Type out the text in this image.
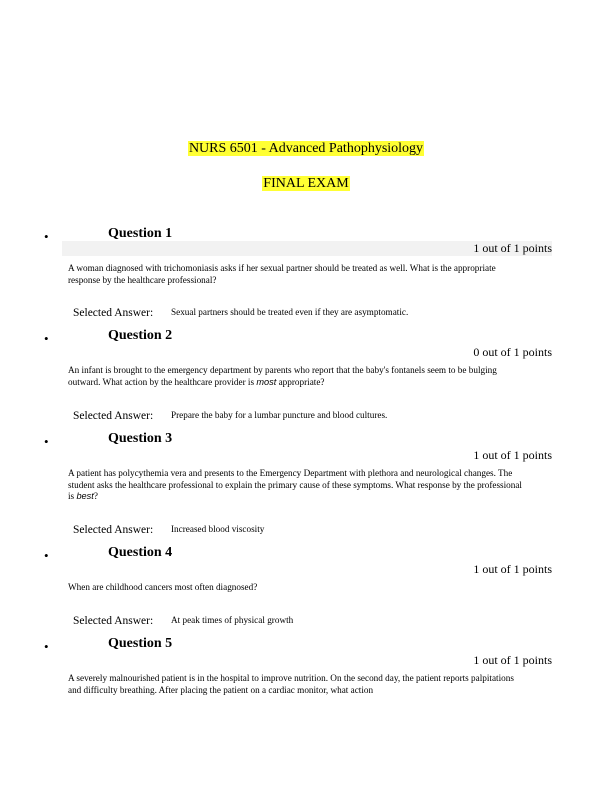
NURS 6501 - Advanced Pathophysiology
FINAL EXAM
•	Question 1
1 out of 1 points
A woman diagnosed with trichomoniasis asks if her sexual partner should be treated as well. What is the appropriate response by the healthcare professional?
Selected Answer: Sexual partners should be treated even if they are asymptomatic.
•	Question 2
0 out of 1 points
An infant is brought to the emergency department by parents who report that the baby's fontanels seem to be bulging outward. What action by the healthcare provider is most appropriate?
Selected Answer: Prepare the baby for a lumbar puncture and blood cultures.
•	Question 3
1 out of 1 points
A patient has polycythemia vera and presents to the Emergency Department with plethora and neurological changes. The student asks the healthcare professional to explain the primary cause of these symptoms. What response by the professional is best?
Selected Answer: Increased blood viscosity
•	Question 4
1 out of 1 points
When are childhood cancers most often diagnosed?
Selected Answer: At peak times of physical growth
•	Question 5
1 out of 1 points
A severely malnourished patient is in the hospital to improve nutrition. On the second day, the patient reports palpitations and difficulty breathing. After placing the patient on a cardiac monitor, what action
